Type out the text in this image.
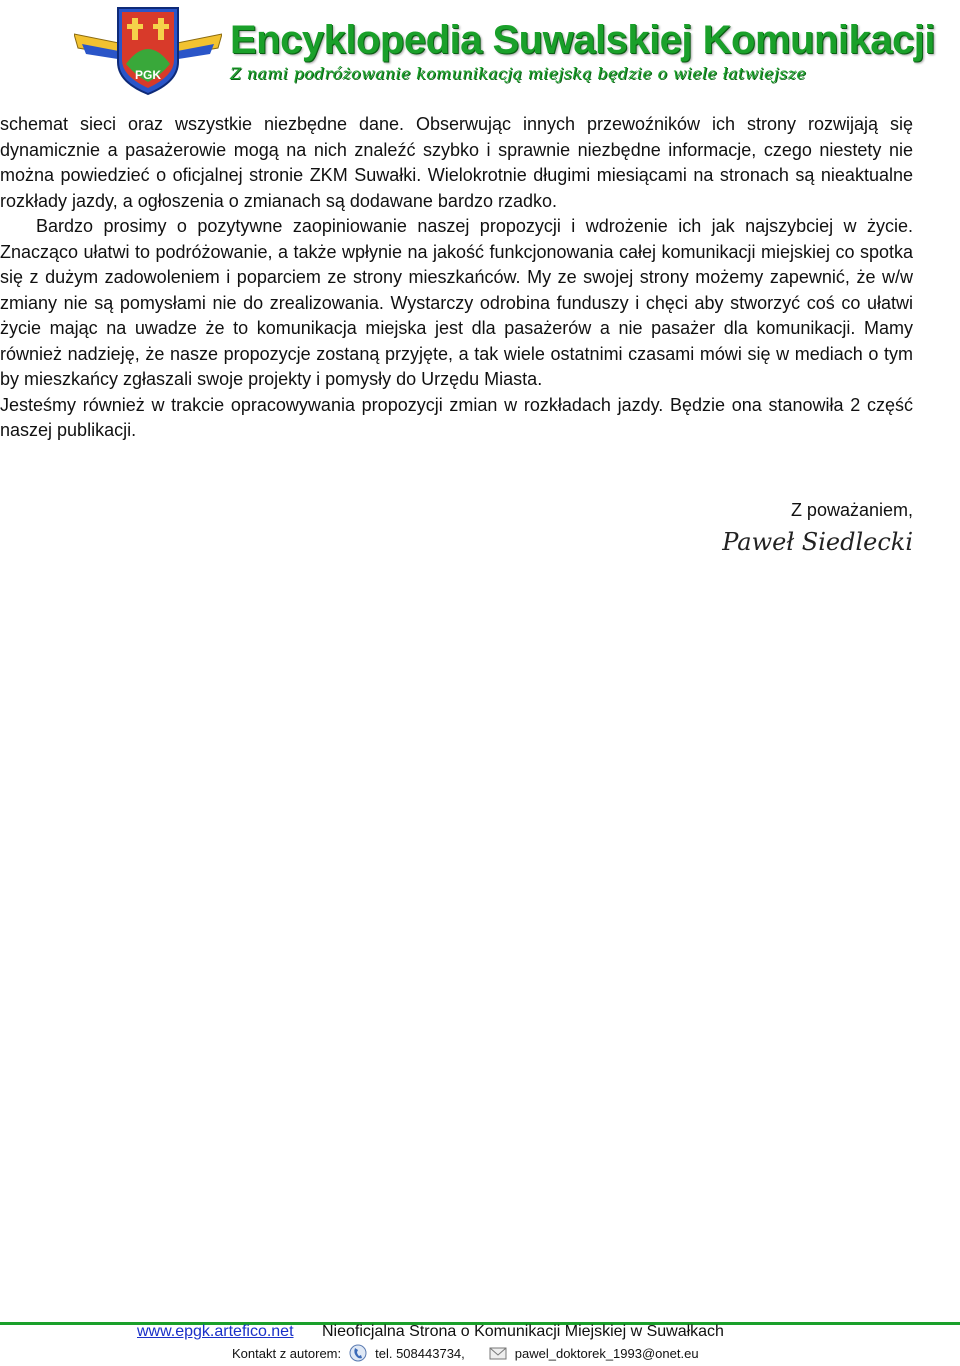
PGK
Encyklopedia Suwalskiej Komunikacji
Z nami podróżowanie komunikacją miejską będzie o wiele łatwiejsze

schemat sieci oraz wszystkie niezbędne dane. Obserwując innych przewoźników ich strony rozwijają się dynamicznie a pasażerowie mogą na nich znaleźć szybko i sprawnie niezbędne informacje, czego niestety nie można powiedzieć o oficjalnej stronie ZKM Suwałki. Wielokrotnie długimi miesiącami na stronach są nieaktualne rozkłady jazdy, a ogłoszenia o zmianach są dodawane bardzo rzadko.

Bardzo prosimy o pozytywne zaopiniowanie naszej propozycji i wdrożenie ich jak najszybciej w życie. Znacząco ułatwi to podróżowanie, a także wpłynie na jakość funkcjonowania całej komunikacji miejskiej co spotka się z dużym zadowoleniem i poparciem ze strony mieszkańców. My ze swojej strony możemy zapewnić, że w/w zmiany nie są pomysłami nie do zrealizowania. Wystarczy odrobina funduszy i chęci aby stworzyć coś co ułatwi życie mając na uwadze że to komunikacja miejska jest dla pasażerów a nie pasażer dla komunikacji. Mamy również nadzieję, że nasze propozycje zostaną przyjęte, a tak wiele ostatnimi czasami mówi się w mediach o tym by mieszkańcy zgłaszali swoje projekty i pomysły do Urzędu Miasta.

Jesteśmy również w trakcie opracowywania propozycji zmian w rozkładach jazdy. Będzie ona stanowiła 2 część naszej publikacji.

Z poważaniem,
Paweł Siedlecki
www.epgk.artefico.net Nieoficjalna Strona o Komunikacji Miejskiej w Suwałkach
Kontakt z autorem:	tel. 508443734,	pawel_doktorek_1993@onet.eu
